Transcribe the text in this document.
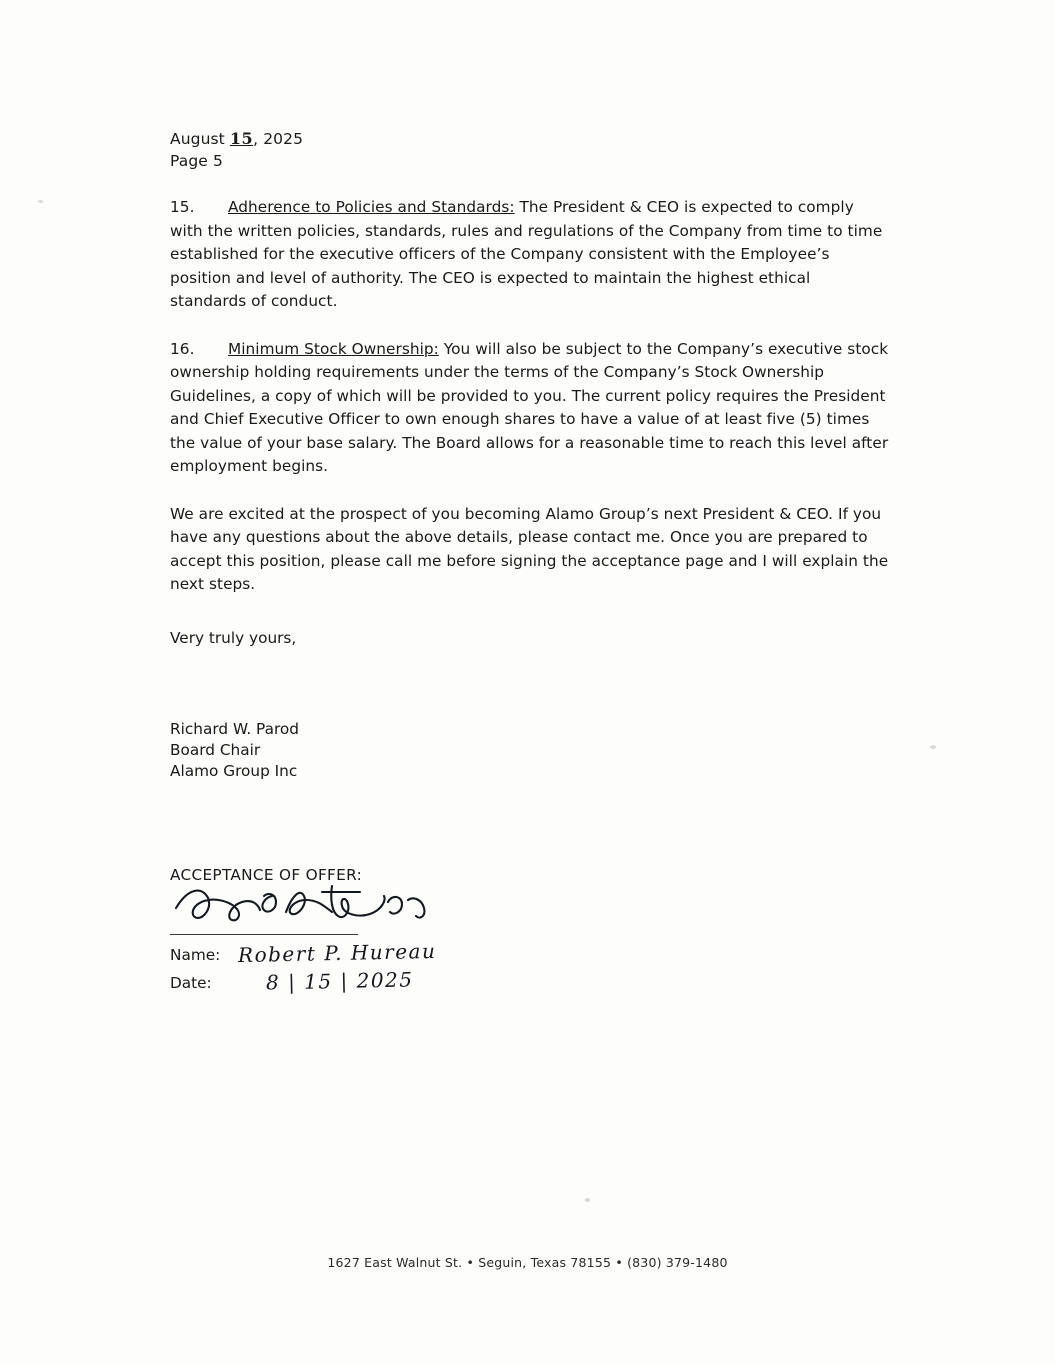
August 15, 2025
Page 5
15. Adherence to Policies and Standards: The President & CEO is expected to comply with the written policies, standards, rules and regulations of the Company from time to time established for the executive officers of the Company consistent with the Employee’s position and level of authority. The CEO is expected to maintain the highest ethical standards of conduct.
16. Minimum Stock Ownership: You will also be subject to the Company’s executive stock ownership holding requirements under the terms of the Company’s Stock Ownership Guidelines, a copy of which will be provided to you. The current policy requires the President and Chief Executive Officer to own enough shares to have a value of at least five (5) times the value of your base salary. The Board allows for a reasonable time to reach this level after employment begins.
We are excited at the prospect of you becoming Alamo Group’s next President & CEO. If you have any questions about the above details, please contact me. Once you are prepared to accept this position, please call me before signing the acceptance page and I will explain the next steps.
Very truly yours,
Richard W. Parod
Board Chair
Alamo Group Inc
ACCEPTANCE OF OFFER:
Name: Robert P. Hureau
Date:	8 | 15 | 2025
1627 East Walnut St. • Seguin, Texas 78155 • (830) 379-1480
